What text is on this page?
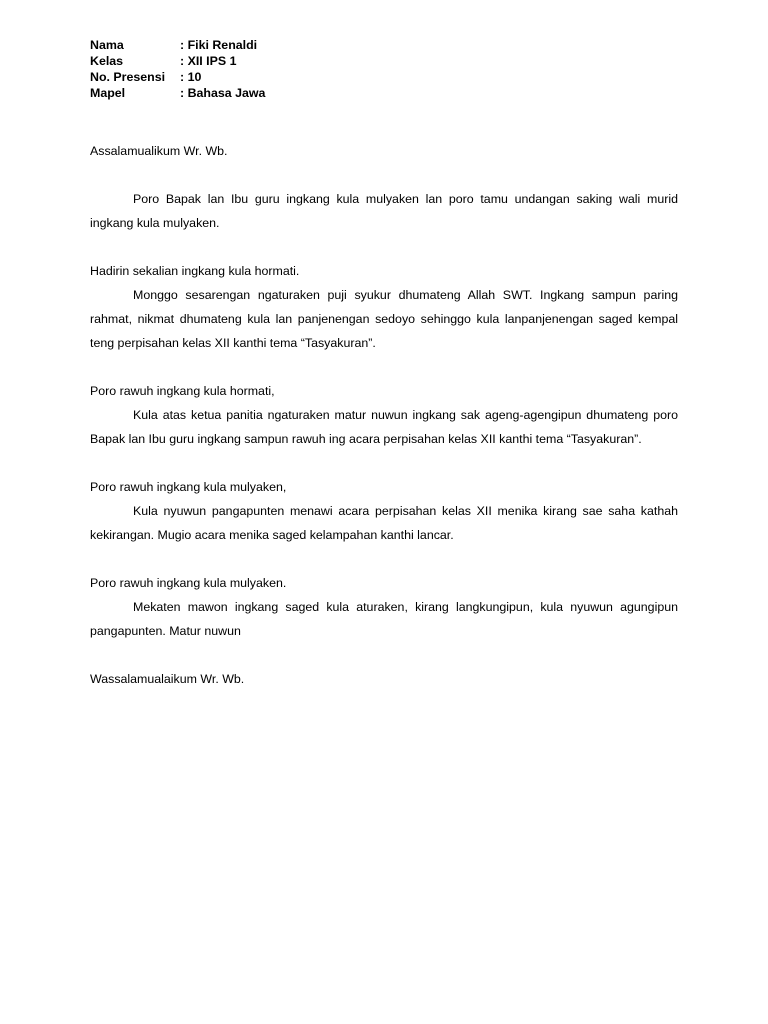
Nama	: Fiki Renaldi
Kelas	: XII IPS 1
No. Presensi	: 10
Mapel	: Bahasa Jawa

Assalamualikum Wr. Wb.

Poro Bapak lan Ibu guru ingkang kula mulyaken lan poro tamu undangan saking wali murid ingkang kula mulyaken.

Hadirin sekalian ingkang kula hormati.

Monggo sesarengan ngaturaken puji syukur dhumateng Allah SWT. Ingkang sampun paring rahmat, nikmat dhumateng kula lan panjenengan sedoyo sehinggo kula lanpanjenengan saged kempal teng perpisahan kelas XII kanthi tema “Tasyakuran”.

Poro rawuh ingkang kula hormati,

Kula atas ketua panitia ngaturaken matur nuwun ingkang sak ageng-agengipun dhumateng poro Bapak lan Ibu guru ingkang sampun rawuh ing acara perpisahan kelas XII kanthi tema “Tasyakuran”.

Poro rawuh ingkang kula mulyaken,

Kula nyuwun pangapunten menawi acara perpisahan kelas XII menika kirang sae saha kathah kekirangan. Mugio acara menika saged kelampahan kanthi lancar.

Poro rawuh ingkang kula mulyaken.

Mekaten mawon ingkang saged kula aturaken, kirang langkungipun, kula nyuwun agungipun pangapunten. Matur nuwun

Wassalamualaikum Wr. Wb.
